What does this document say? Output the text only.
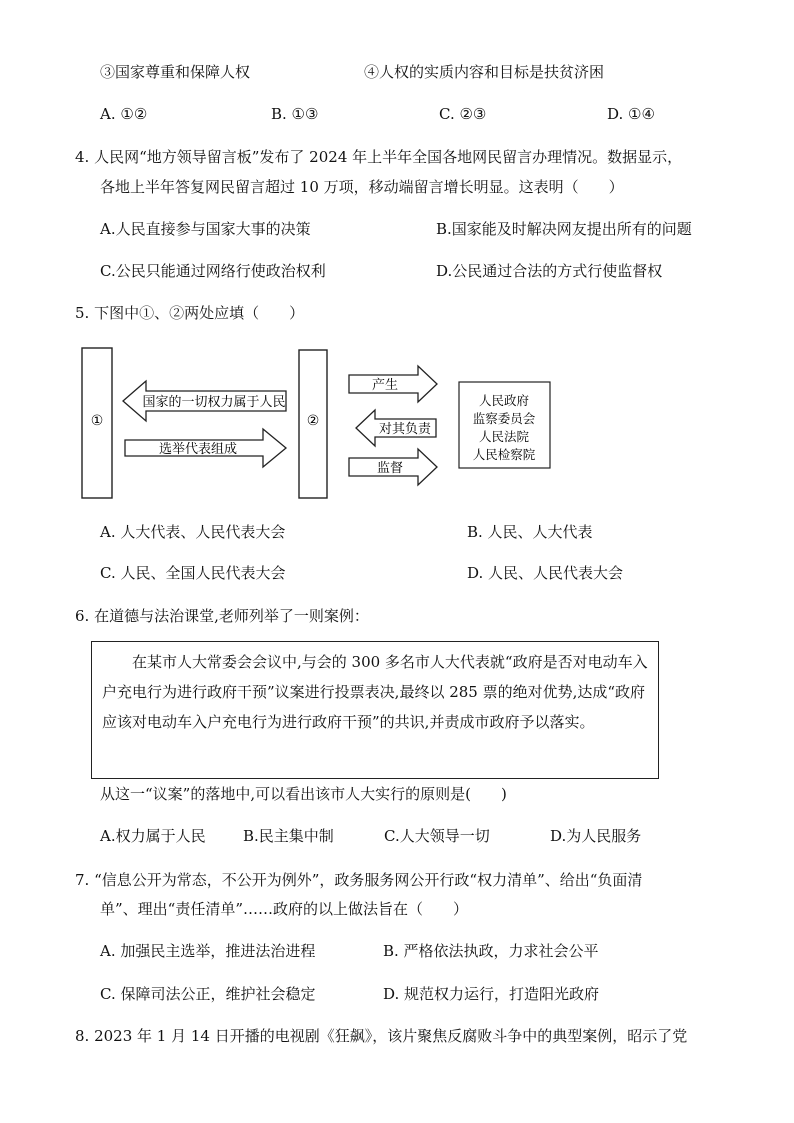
③国家尊重和保障人权	④人权的实质内容和目标是扶贫济困
A. ①②	B. ①③	C. ②③	D. ①④
4. 人民网“地方领导留言板”发布了 2024 年上半年全国各地网民留言办理情况。数据显示，
各地上半年答复网民留言超过 10 万项，移动端留言增长明显。这表明（　　）
A.人民直接参与国家大事的决策	B.国家能及时解决网友提出所有的问题
C.公民只能通过网络行使政治权利	D.公民通过合法的方式行使监督权
5. 下图中①、②两处应填（　　）
①
国家的一切权力属于人民
选举代表组成
②
产生
对其负责
监督
人民政府
监察委员会
人民法院
人民检察院
A. 人大代表、人民代表大会	B. 人民、人大代表
C. 人民、全国人民代表大会	D. 人民、人民代表大会
6. 在道德与法治课堂,老师列举了一则案例：
在某市人大常委会会议中,与会的 300 多名市人大代表就“政府是否对电动车入户充电行为进行政府干预”议案进行投票表决,最终以 285 票的绝对优势,达成“政府应该对电动车入户充电行为进行政府干预”的共识,并责成市政府予以落实。
从这一“议案”的落地中,可以看出该市人大实行的原则是(　　)
A.权力属于人民 B.民主集中制	C.人大领导一切	D.为人民服务
7. “信息公开为常态，不公开为例外”，政务服务网公开行政“权力清单”、给出“负面清
单”、理出“责任清单”……政府的以上做法旨在（　　）
A. 加强民主选举，推进法治进程	B. 严格依法执政，力求社会公平
C. 保障司法公正，维护社会稳定	D. 规范权力运行，打造阳光政府
8. 2023 年 1 月 14 日开播的电视剧《狂飙》，该片聚焦反腐败斗争中的典型案例，昭示了党
